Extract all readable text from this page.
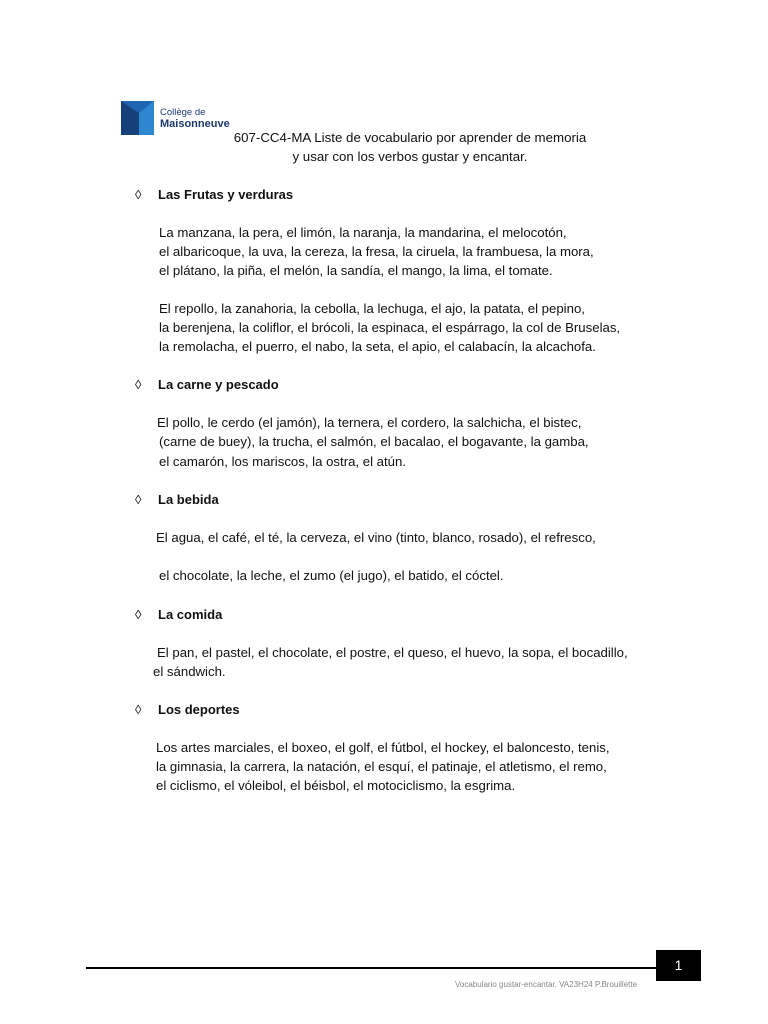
Collège de
Maisonneuve
607-CC4-MA Liste de vocabulario por aprender de memoria
y usar con los verbos gustar y encantar.
◊ Las Frutas y verduras
La manzana, la pera, el limón, la naranja, la mandarina, el melocotón,
el albaricoque, la uva, la cereza, la fresa, la ciruela, la frambuesa, la mora,
el plátano, la piña, el melón, la sandía, el mango, la lima, el tomate.
El repollo, la zanahoria, la cebolla, la lechuga, el ajo, la patata, el pepino,
la berenjena, la coliflor, el brócoli, la espinaca, el espárrago, la col de Bruselas,
la remolacha, el puerro, el nabo, la seta, el apio, el calabacín, la alcachofa.
◊ La carne y pescado
El pollo, le cerdo (el jamón), la ternera, el cordero, la salchicha, el bistec,
(carne de buey), la trucha, el salmón, el bacalao, el bogavante, la gamba,
el camarón, los mariscos, la ostra, el atún.
◊ La bebida
El agua, el café, el té, la cerveza, el vino (tinto, blanco, rosado), el refresco,
el chocolate, la leche, el zumo (el jugo), el batido, el cóctel.
◊ La comida
El pan, el pastel, el chocolate, el postre, el queso, el huevo, la sopa, el bocadillo,
el sándwich.
◊ Los deportes
Los artes marciales, el boxeo, el golf, el fútbol, el hockey, el baloncesto, tenis,
la gimnasia, la carrera, la natación, el esquí, el patinaje, el atletismo, el remo,
el ciclismo, el vóleibol, el béisbol, el motociclismo, la esgrima.
1
Vocabulario gustar-encantar. VA23H24 P.Brouillette
